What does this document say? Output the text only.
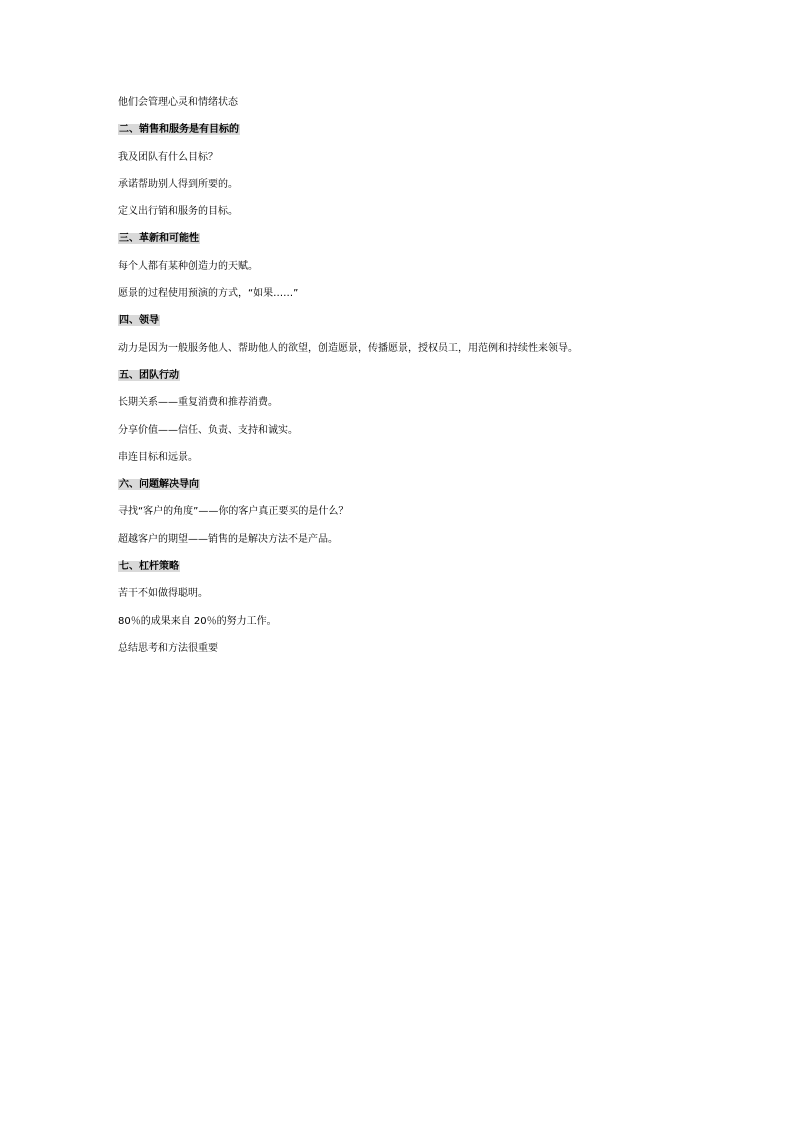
他们会管理心灵和情绪状态

二、销售和服务是有目标的

我及团队有什么目标？

承诺帮助别人得到所要的。

定义出行销和服务的目标。

三、革新和可能性

每个人都有某种创造力的天赋。

愿景的过程使用预演的方式，“如果……”

四、领导

动力是因为一般服务他人、帮助他人的欲望，创造愿景，传播愿景，授权员工，用范例和持续性来领导。

五、团队行动

长期关系——重复消费和推荐消费。

分享价值——信任、负责、支持和诚实。

串连目标和远景。

六、问题解决导向

寻找“客户的角度”——你的客户真正要买的是什么？

超越客户的期望——销售的是解决方法不是产品。

七、杠杆策略

苦干不如做得聪明。

80％的成果来自 20％的努力工作。

总结思考和方法很重要
